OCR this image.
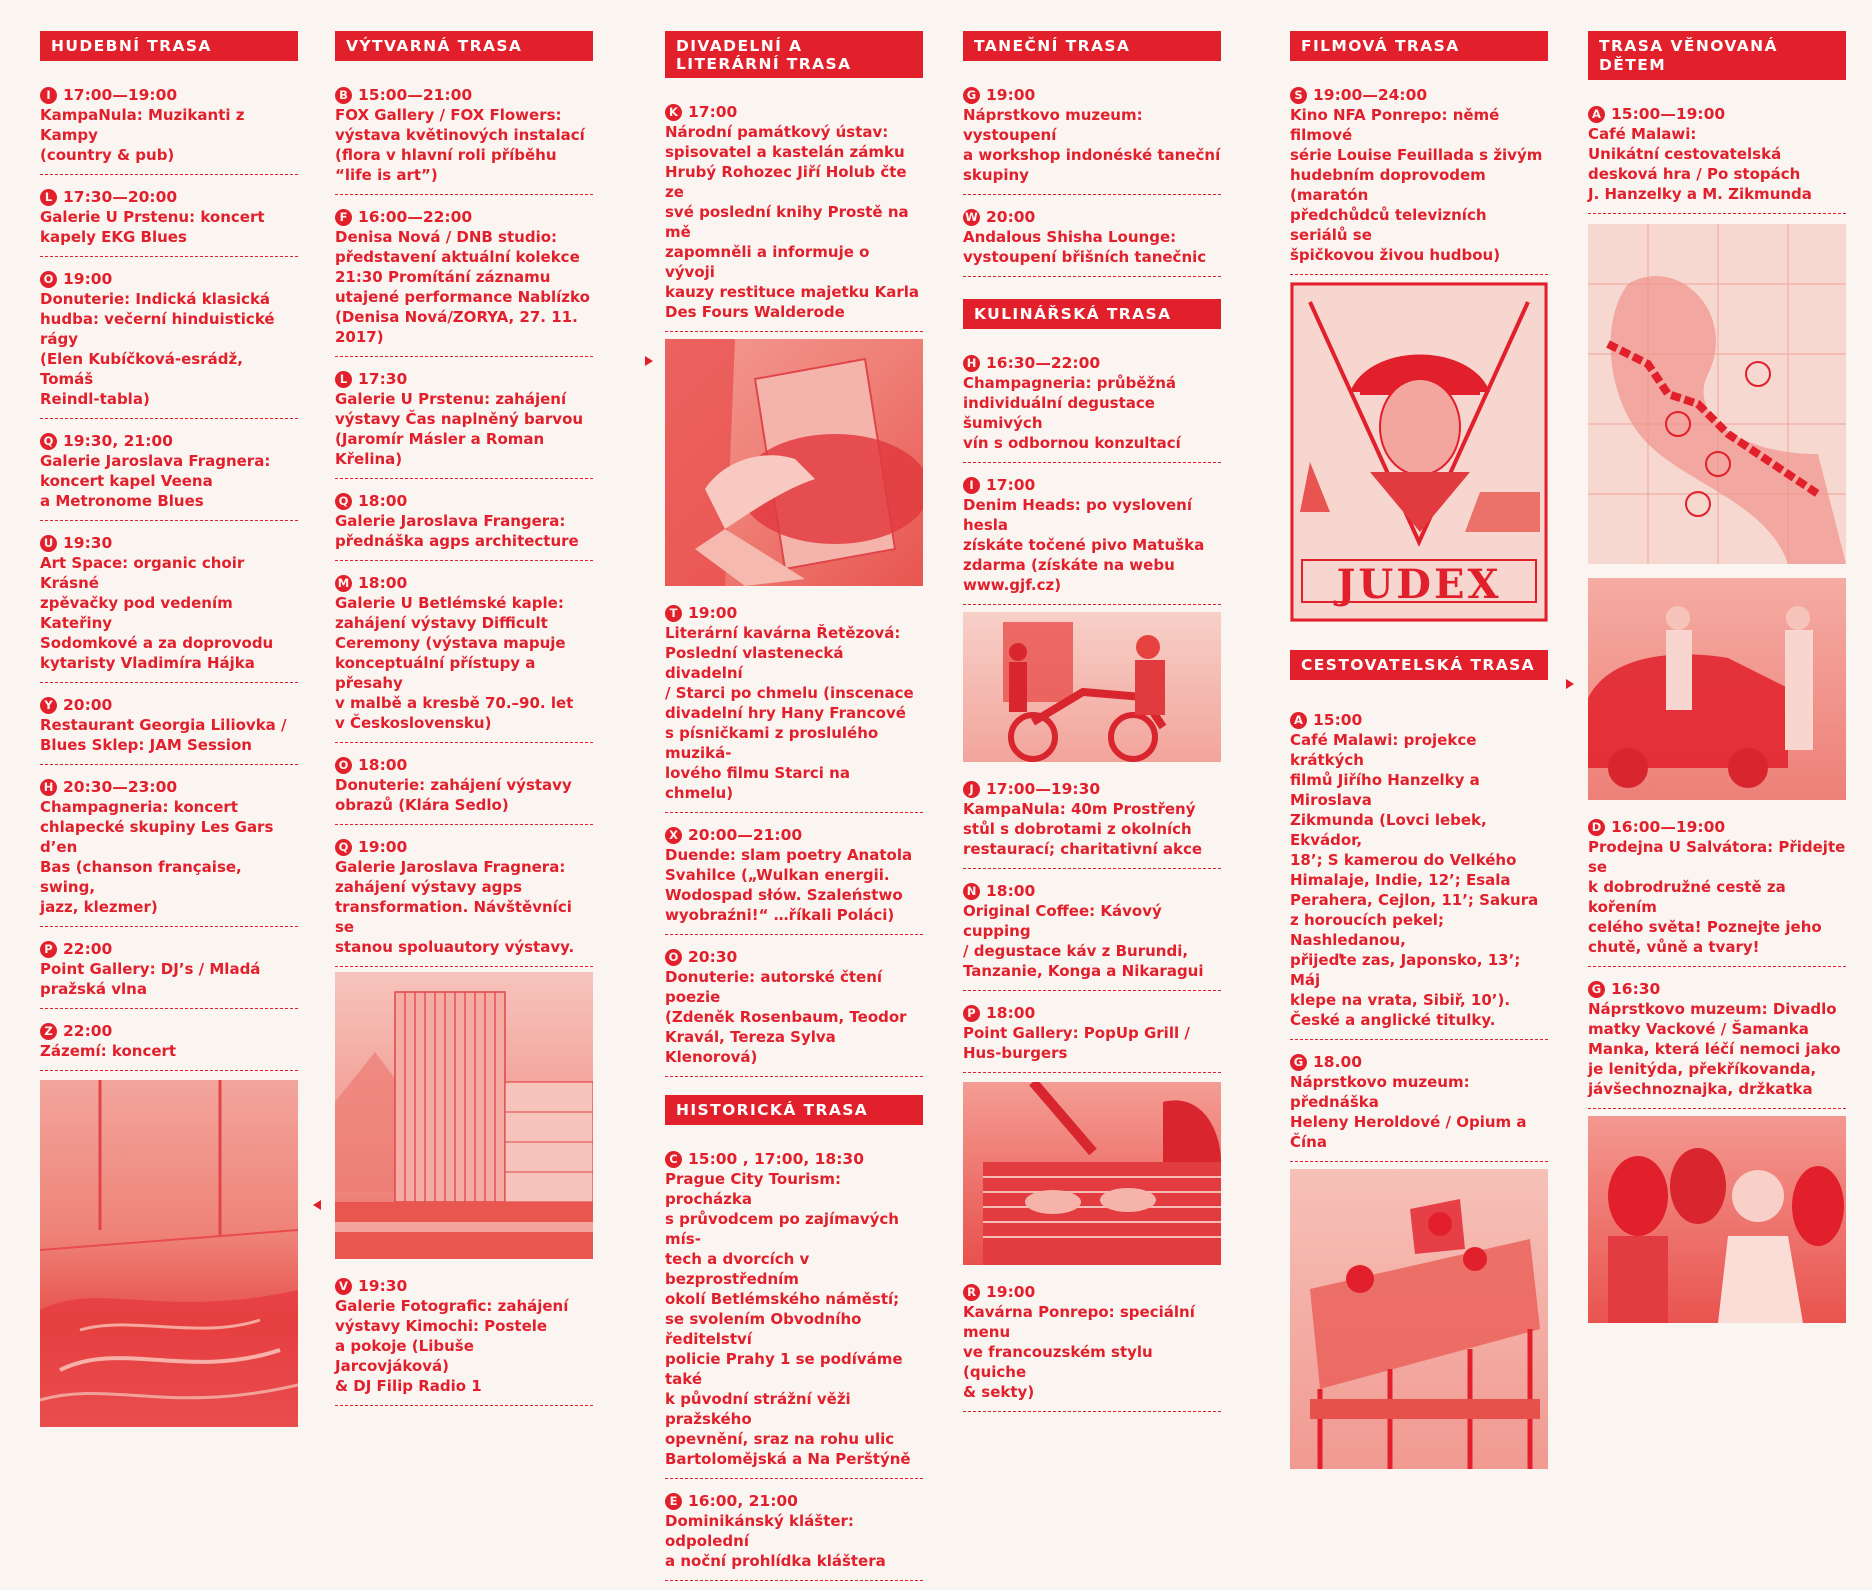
HUDEBNÍ TRASA
I 17:00—19:00
KampaNula: Muzikanti z Kampy
(country & pub)
L 17:30—20:00
Galerie U Prstenu: koncert
kapely EKG Blues
O 19:00
Donuterie: Indická klasická
hudba: večerní hinduistické rágy
(Elen Kubíčková-esrádž, Tomáš
Reindl-tabla)
Q 19:30, 21:00
Galerie Jaroslava Fragnera:
koncert kapel Veena
a Metronome Blues
U 19:30
Art Space: organic choir Krásné
zpěvačky pod vedením Kateřiny
Sodomkové a za doprovodu
kytaristy Vladimíra Hájka
Y 20:00
Restaurant Georgia Liliovka /
Blues Sklep: JAM Session
H 20:30—23:00
Champagneria: koncert
chlapecké skupiny Les Gars d’en
Bas (chanson française, swing,
jazz, klezmer)
P 22:00
Point Gallery: DJ’s / Mladá
pražská vlna
Z 22:00
Zázemí: koncert
VÝTVARNÁ TRASA
B 15:00—21:00
FOX Gallery / FOX Flowers:
výstava květinových instalací
(flora v hlavní roli příběhu
“life is art”)
F 16:00—22:00
Denisa Nová / DNB studio:
představení aktuální kolekce
21:30 Promítání záznamu
utajené performance Nablízko
(Denisa Nová/ZORYA, 27. 11. 2017)
L 17:30
Galerie U Prstenu: zahájení
výstavy Čas naplněný barvou
(Jaromír Másler a Roman Křelina)
Q 18:00
Galerie Jaroslava Frangera:
přednáška agps architecture
M 18:00
Galerie U Betlémské kaple:
zahájení výstavy Difficult
Ceremony (výstava mapuje
konceptuální přístupy a přesahy
v malbě a kresbě 70.–90. let
v Československu)
O 18:00
Donuterie: zahájení výstavy
obrazů (Klára Sedlo)
Q 19:00
Galerie Jaroslava Fragnera:
zahájení výstavy agps
transformation. Návštěvníci se
stanou spoluautory výstavy.
V 19:30
Galerie Fotografic: zahájení
výstavy Kimochi: Postele
a pokoje (Libuše Jarcovjáková)
& DJ Filip Radio 1
DIVADELNÍ A LITERÁRNÍ TRASA
K 17:00
Národní památkový ústav:
spisovatel a kastelán zámku
Hrubý Rohozec Jiří Holub čte ze
své poslední knihy Prostě na mě
zapomněli a informuje o vývoji
kauzy restituce majetku Karla
Des Fours Walderode
T 19:00
Literární kavárna Řetězová:
Poslední vlastenecká divadelní
/ Starci po chmelu (inscenace
divadelní hry Hany Francové
s písničkami z proslulého muziká-
lového filmu Starci na chmelu)
X 20:00—21:00
Duende: slam poetry Anatola
Svahilce („Wulkan energii.
Wodospad słów. Szaleństwo
wyobraźni!“ …říkali Poláci)
O 20:30
Donuterie: autorské čtení poezie
(Zdeněk Rosenbaum, Teodor
Kravál, Tereza Sylva Klenorová)
HISTORICKÁ TRASA
C 15:00 , 17:00, 18:30
Prague City Tourism: procházka
s průvodcem po zajímavých mís-
tech a dvorcích v bezprostředním
okolí Betlémského náměstí;
se svolením Obvodního ředitelství
policie Prahy 1 se podíváme také
k původní strážní věži pražského
opevnění, sraz na rohu ulic
Bartolomějská a Na Perštýně
E 16:00, 21:00
Dominikánský klášter: odpolední
a noční prohlídka kláštera
TANEČNÍ TRASA
G 19:00
Náprstkovo muzeum: vystoupení
a workshop indonéské taneční
skupiny
W 20:00
Andalous Shisha Lounge:
vystoupení břišních tanečnic
KULINÁŘSKÁ TRASA
H 16:30—22:00
Champagneria: průběžná
individuální degustace šumivých
vín s odbornou konzultací
I 17:00
Denim Heads: po vyslovení hesla
získáte točené pivo Matuška
zdarma (získáte na webu
www.gjf.cz)
J 17:00—19:30
KampaNula: 40m Prostřený
stůl s dobrotami z okolních
restaurací; charitativní akce
N 18:00
Original Coffee: Kávový cupping
/ degustace káv z Burundi,
Tanzanie, Konga a Nikaragui
P 18:00
Point Gallery: PopUp Grill /
Hus-burgers
R 19:00
Kavárna Ponrepo: speciální menu
ve francouzském stylu (quiche
& sekty)
FILMOVÁ TRASA
S 19:00—24:00
Kino NFA Ponrepo: němé filmové
série Louise Feuillada s živým
hudebním doprovodem (maratón
předchůdců televizních seriálů se
špičkovou živou hudbou)
JUDEX
CESTOVATELSKÁ TRASA
A 15:00
Café Malawi: projekce krátkých
filmů Jiřího Hanzelky a Miroslava
Zikmunda (Lovci lebek, Ekvádor,
18’; S kamerou do Velkého
Himalaje, Indie, 12’; Esala
Perahera, Cejlon, 11’; Sakura
z horoucích pekel; Nashledanou,
přijeďte zas, Japonsko, 13’; Máj
klepe na vrata, Sibiř, 10’).
České a anglické titulky.
G 18.00
Náprstkovo muzeum: přednáška
Heleny Heroldové / Opium a Čína
TRASA VĚNOVANÁ DĚTEM
A 15:00—19:00
Café Malawi:
Unikátní cestovatelská
desková hra / Po stopách
J. Hanzelky a M. Zikmunda
D 16:00—19:00
Prodejna U Salvátora: Přidejte se
k dobrodružné cestě za kořením
celého světa! Poznejte jeho
chutě, vůně a tvary!
G 16:30
Náprstkovo muzeum: Divadlo
matky Vackové / Šamanka
Manka, která léčí nemoci jako
je lenitýda, překříkovanda,
jávšechnoznajka, držkatka
